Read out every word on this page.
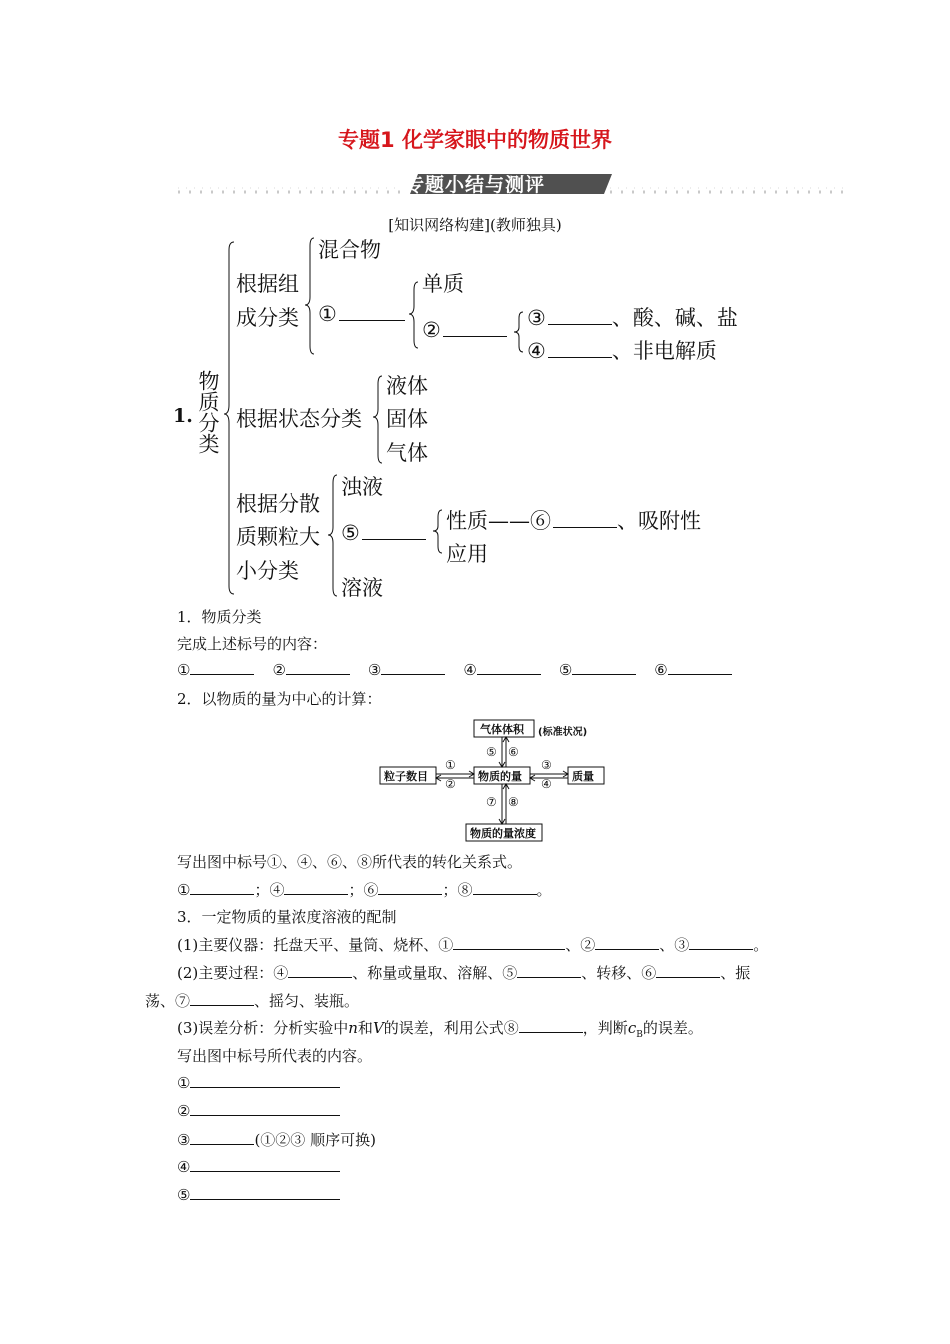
专题1 化学家眼中的物质世界
专题小结与测评
[知识网络构建](教师独具)
1. 物质分类
根据组
成分类
混合物
①
单质
②	③	、酸、碱、盐
④	、非电解质
根据状态分类
液体
固体
气体
根据分散
质颗粒大
小分类
浊液
⑤	性质——⑥	、吸附性
应用
溶液
1．物质分类
完成上述标号的内容：
①	②	③	④	⑤	⑥
2．以物质的量为中心的计算：
气体体积 (标准状况)
粒子数目	物质的量	质量
物质的量浓度
①
②
③
④
⑤ ⑥
⑦ ⑧
写出图中标号①、④、⑥、⑧所代表的转化关系式。
①	；④	；⑥	；⑧	。
3．一定物质的量浓度溶液的配制
(1)主要仪器：托盘天平、量筒、烧杯、①	、②	、③	。
(2)主要过程：④	、称量或量取、溶解、⑤	、转移、⑥	、振
荡、⑦	、摇匀、装瓶。
(3)误差分析：分析实验中n和V的误差，利用公式⑧	，判断$c_B$的误差。
写出图中标号所代表的内容。
①
②
③	(①②③ 顺序可换)
④
⑤
